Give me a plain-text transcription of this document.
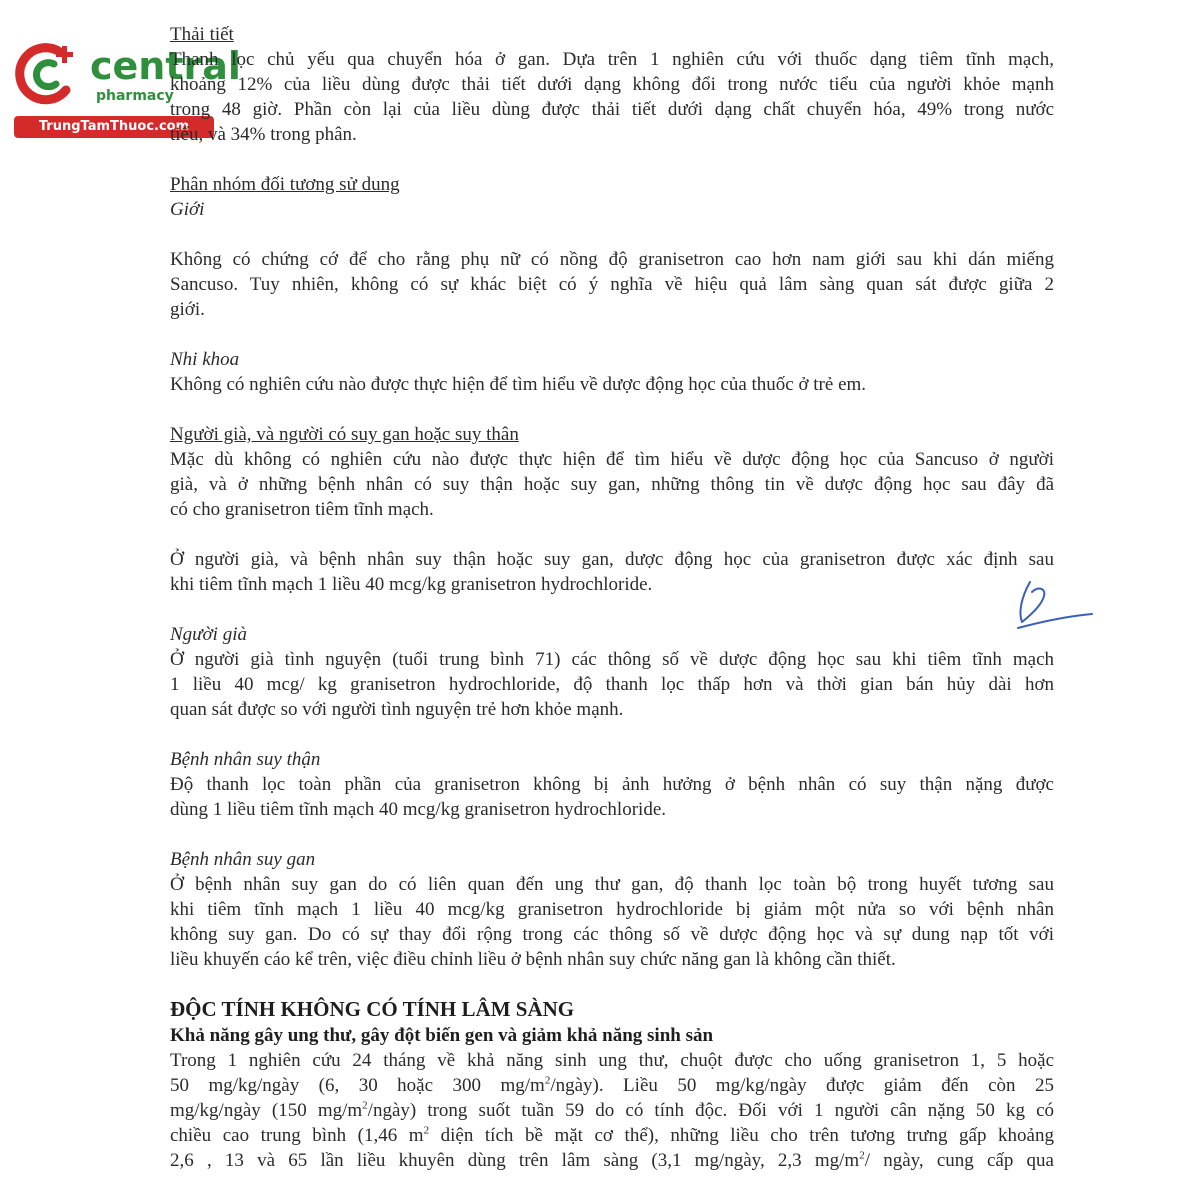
central
pharmacy
TrungTamThuoc.com

Thải tiết

Thanh lọc chủ yếu qua chuyển hóa ở gan. Dựa trên 1 nghiên cứu với thuốc dạng tiêm tĩnh mạch,

khoảng 12% của liều dùng được thải tiết dưới dạng không đổi trong nước tiểu của người khỏe mạnh

trong 48 giờ. Phần còn lại của liều dùng được thải tiết dưới dạng chất chuyển hóa, 49% trong nước

tiểu, và 34% trong phân.

Phân nhóm đối tương sử dung

Giới

Không có chứng cớ để cho rằng phụ nữ có nồng độ granisetron cao hơn nam giới sau khi dán miếng

Sancuso. Tuy nhiên, không có sự khác biệt có ý nghĩa về hiệu quả lâm sàng quan sát được giữa 2

giới.

Nhi khoa

Không có nghiên cứu nào được thực hiện để tìm hiểu về dược động học của thuốc ở trẻ em.

Người già, và người có suy gan hoặc suy thân

Mặc dù không có nghiên cứu nào được thực hiện để tìm hiểu về dược động học của Sancuso ở người

già, và ở những bệnh nhân có suy thận hoặc suy gan, những thông tin về dược động học sau đây đã

có cho granisetron tiêm tĩnh mạch.

Ở người già, và bệnh nhân suy thận hoặc suy gan, dược động học của granisetron được xác định sau

khi tiêm tĩnh mạch 1 liều 40 mcg/kg granisetron hydrochloride.

Người già

Ở người già tình nguyện (tuổi trung bình 71) các thông số về dược động học sau khi tiêm tĩnh mạch

1 liều 40 mcg/ kg granisetron hydrochloride, độ thanh lọc thấp hơn và thời gian bán hủy dài hơn

quan sát được so với người tình nguyện trẻ hơn khỏe mạnh.

Bệnh nhân suy thận

Độ thanh lọc toàn phần của granisetron không bị ảnh hưởng ở bệnh nhân có suy thận nặng được

dùng 1 liều tiêm tĩnh mạch 40 mcg/kg granisetron hydrochloride.

Bệnh nhân suy gan

Ở bệnh nhân suy gan do có liên quan đến ung thư gan, độ thanh lọc toàn bộ trong huyết tương sau

khi tiêm tĩnh mạch 1 liều 40 mcg/kg granisetron hydrochloride bị giảm một nửa so với bệnh nhân

không suy gan. Do có sự thay đổi rộng trong các thông số về dược động học và sự dung nạp tốt với

liều khuyến cáo kể trên, việc điều chỉnh liều ở bệnh nhân suy chức năng gan là không cần thiết.

ĐỘC TÍNH KHÔNG CÓ TÍNH LÂM SÀNG

Khả năng gây ung thư, gây đột biến gen và giảm khả năng sinh sản

Trong 1 nghiên cứu 24 tháng về khả năng sinh ung thư, chuột được cho uống granisetron 1, 5 hoặc

50 mg/kg/ngày (6, 30 hoặc 300 $mg/m^2/ngày$). Liều 50 mg/kg/ngày được giảm đến còn 25

mg/kg/ngày (150 $mg/m^2/ngày$) trong suốt tuần 59 do có tính độc. Đối với 1 người cân nặng 50 kg có

chiều cao trung bình (1,46 $m^2$ diện tích bề mặt cơ thể), những liều cho trên tương trưng gấp khoảng

2,6 , 13 và 65 lần liều khuyên dùng trên lâm sàng (3,1 mg/ngày, 2,3 $mg/m^2/$ ngày, cung cấp qua
